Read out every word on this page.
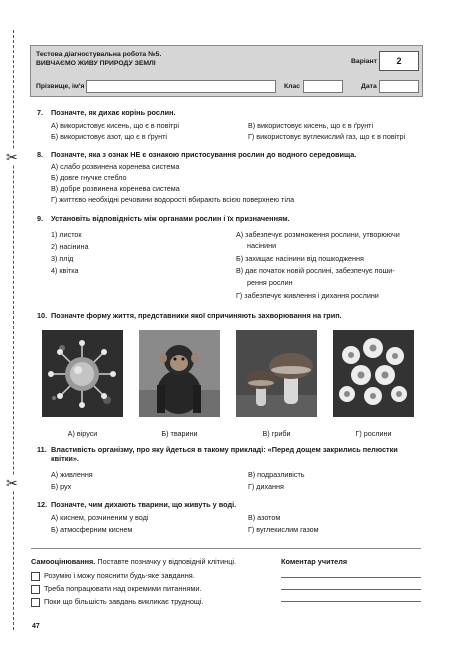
✂
✂
Тестова діагностувальна робота №5.
ВИВЧАЄМО ЖИВУ ПРИРОДУ ЗЕМЛІ	Варіант	2
Прізвище, ім'я	Клас	Дата
7. Позначте, як дихає корінь рослин.
А) використовує кисень, що є в повітрі	В) використовує кисень, що є в ґрунті
Б) використовує азот, що є в ґрунті	Г) використовує вуглекислий газ, що є в повітрі
8. Позначте, яка з ознак НЕ є ознакою пристосування рослин до водного середовища.
А) слабо розвинена коренева система
Б) довге гнучке стебло
В) добре розвинена коренева система
Г) життєво необхідні речовини водорості вбирають всією поверхнею тіла
9. Установіть відповідність між органами рослин і їх призначенням.
1) листок
2) насінина
3) плід
4) квітка
А) забезпечує розмноження рослини, утворюючи
насінини
Б) захищає насінини від пошкодження
В) дає початок новій рослині, забезпечує поши-
рення рослин
Г) забезпечує живлення і дихання рослини
10. Позначте форму життя, представники якої спричиняють захворювання на грип.
А) віруси	Б) тварини	В) гриби	Г) рослини
11. Властивість організму, про яку йдеться в такому прикладі: «Перед дощем закрились пелюстки
квітки».
А) живлення	В) подразливість
Б) рух	Г) дихання
12. Позначте, чим дихають тварини, що живуть у воді.
А) киснем, розчиненим у воді	В) азотом
Б) атмосферним киснем	Г) вуглекислим газом
Самооцінювання. Поставте позначку у відповідній клітинці.	Коментар учителя
Розумію і можу пояснити будь-яке завдання.
Треба попрацювати над окремими питаннями.
Поки що більшість завдань викликає труднощі.
47
